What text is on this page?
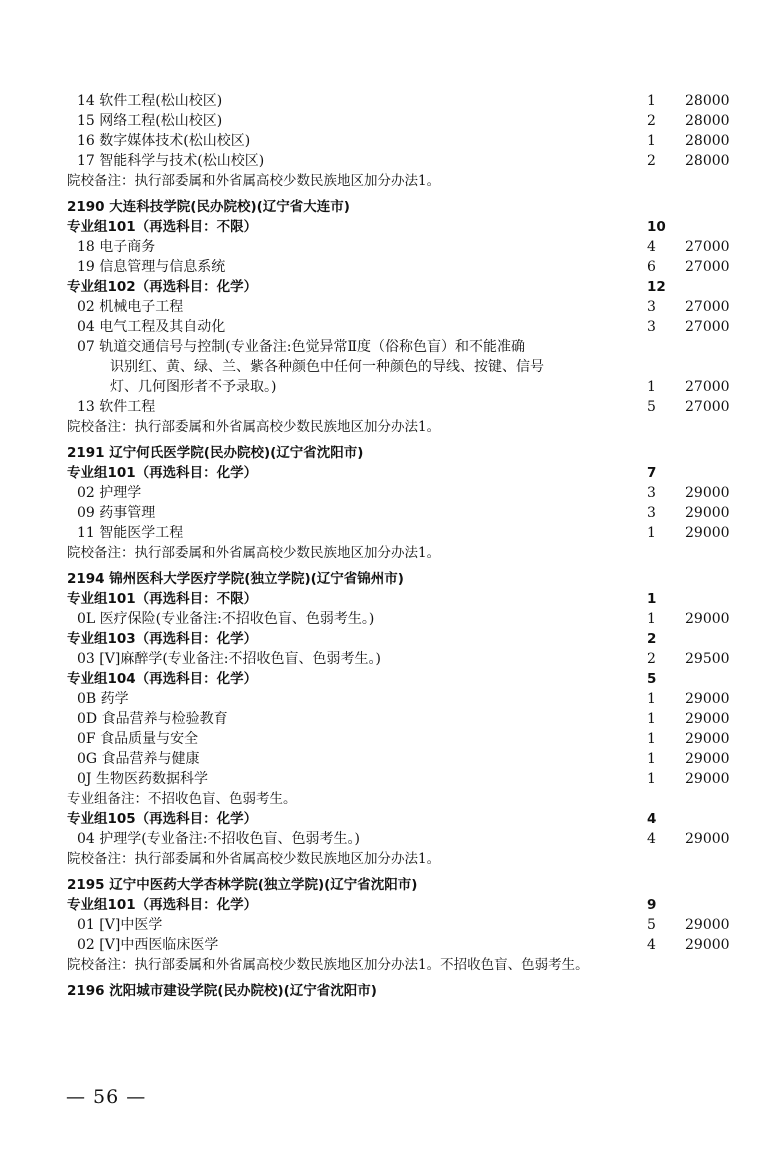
14 软件工程(松山校区)	1	28000
15 网络工程(松山校区)	2	28000
16 数字媒体技术(松山校区)	1	28000
17 智能科学与技术(松山校区)	2	28000
院校备注：执行部委属和外省属高校少数民族地区加分办法1。
2190 大连科技学院(民办院校)(辽宁省大连市)
专业组101（再选科目：不限）	10
18 电子商务	4	27000
19 信息管理与信息系统	6	27000
专业组102（再选科目：化学）	12
02 机械电子工程	3	27000
04 电气工程及其自动化	3	27000
07 轨道交通信号与控制(专业备注:色觉异常Ⅱ度（俗称色盲）和不能准确
识别红、黄、绿、兰、紫各种颜色中任何一种颜色的导线、按键、信号
灯、几何图形者不予录取。)	1	27000
13 软件工程	5	27000
院校备注：执行部委属和外省属高校少数民族地区加分办法1。
2191 辽宁何氏医学院(民办院校)(辽宁省沈阳市)
专业组101（再选科目：化学）	7
02 护理学	3	29000
09 药事管理	3	29000
11 智能医学工程	1	29000
院校备注：执行部委属和外省属高校少数民族地区加分办法1。
2194 锦州医科大学医疗学院(独立学院)(辽宁省锦州市)
专业组101（再选科目：不限）	1
0L 医疗保险(专业备注:不招收色盲、色弱考生。)	1	29000
专业组103（再选科目：化学）	2
03 [V]麻醉学(专业备注:不招收色盲、色弱考生。)	2	29500
专业组104（再选科目：化学）	5
0B 药学	1	29000
0D 食品营养与检验教育	1	29000
0F 食品质量与安全	1	29000
0G 食品营养与健康	1	29000
0J 生物医药数据科学	1	29000
专业组备注：不招收色盲、色弱考生。
专业组105（再选科目：化学）	4
04 护理学(专业备注:不招收色盲、色弱考生。)	4	29000
院校备注：执行部委属和外省属高校少数民族地区加分办法1。
2195 辽宁中医药大学杏林学院(独立学院)(辽宁省沈阳市)
专业组101（再选科目：化学）	9
01 [V]中医学	5	29000
02 [V]中西医临床医学	4	29000
院校备注：执行部委属和外省属高校少数民族地区加分办法1。不招收色盲、色弱考生。
2196 沈阳城市建设学院(民办院校)(辽宁省沈阳市)
— 56 —
